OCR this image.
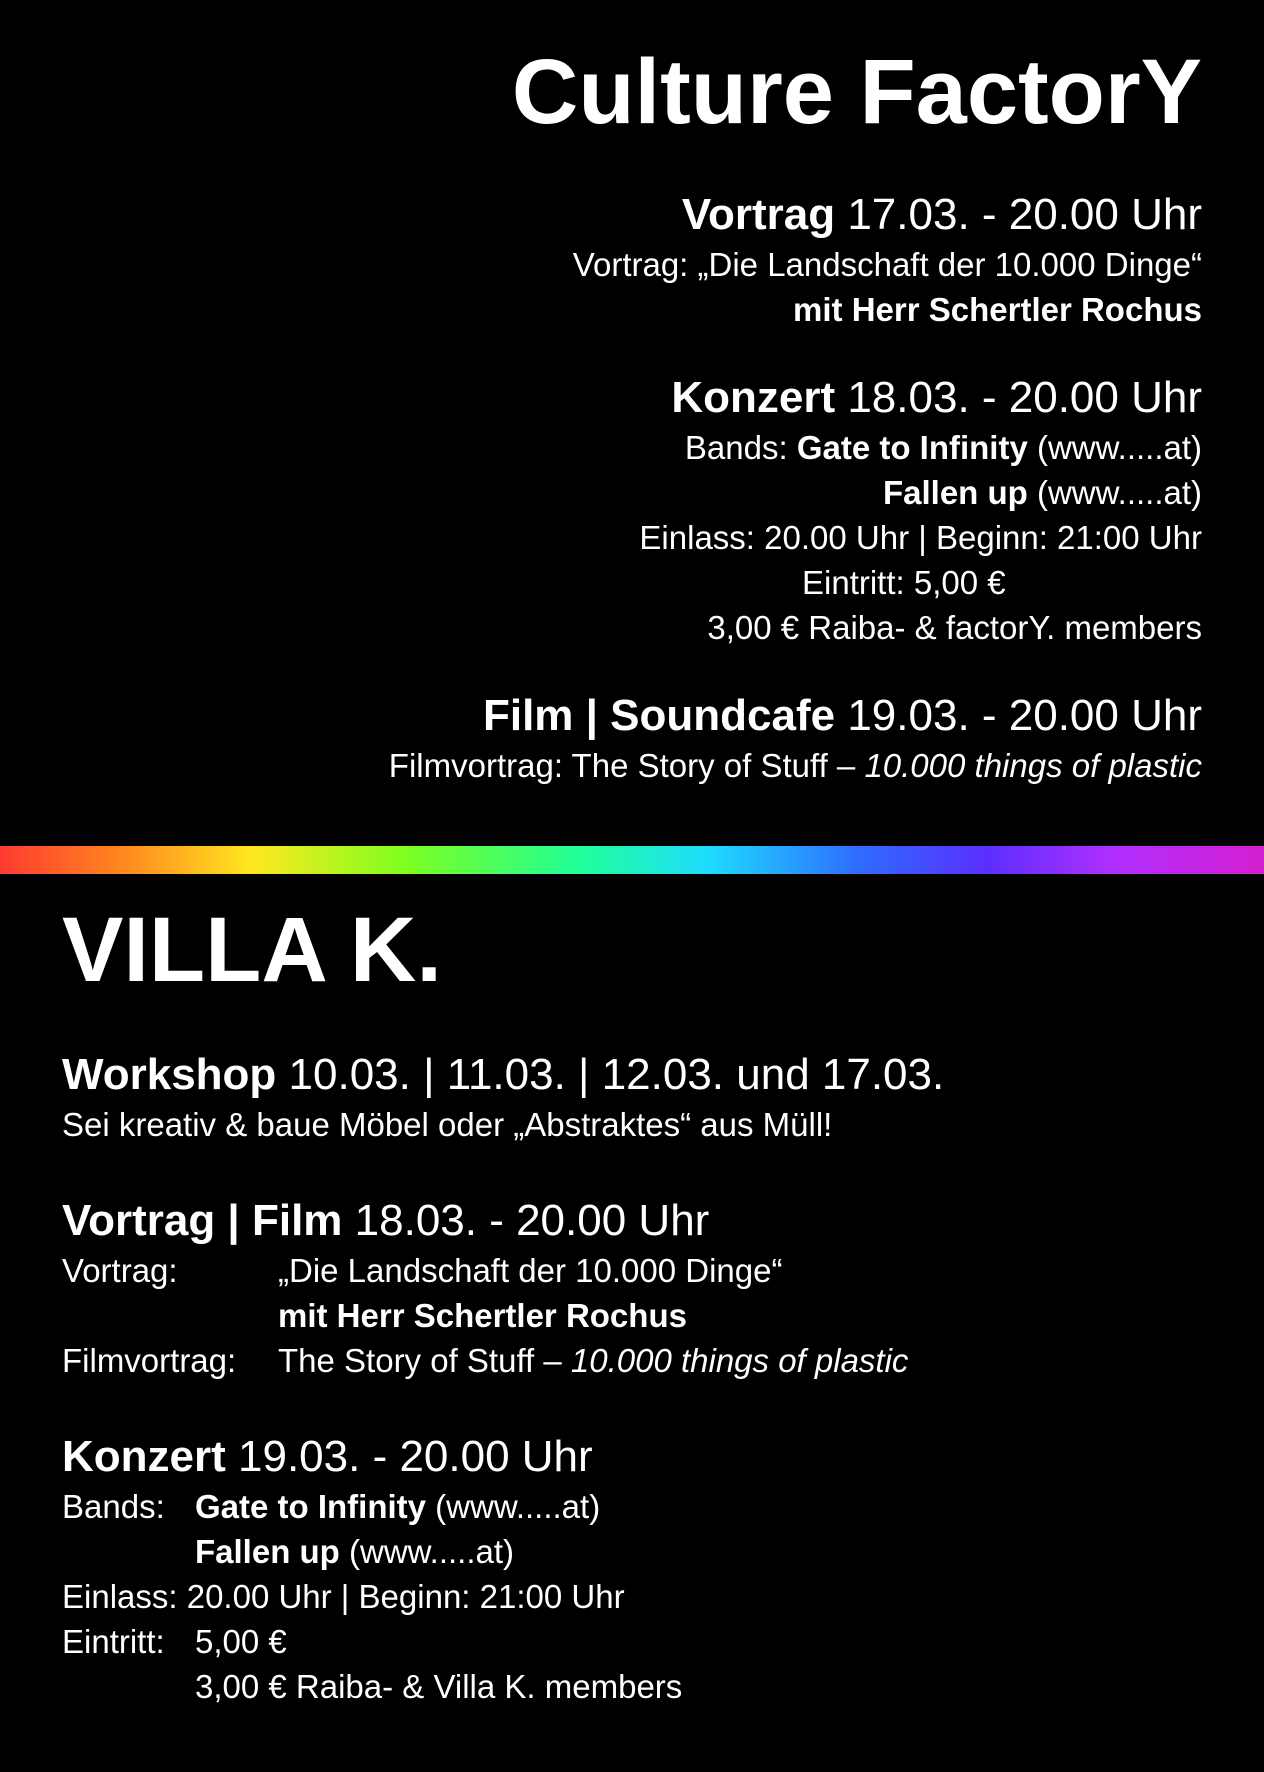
Culture FactorY
Vortrag 17.03. - 20.00 Uhr
Vortrag: „Die Landschaft der 10.000 Dinge“
mit Herr Schertler Rochus
Konzert 18.03. - 20.00 Uhr
Bands: Gate to Infinity (www.....at)
Fallen up (www.....at)
Einlass: 20.00 Uhr | Beginn: 21:00 Uhr
Eintritt: 5,00 €
3,00 € Raiba- & factorY. members
Film | Soundcafe 19.03. - 20.00 Uhr
Filmvortrag: The Story of Stuff – 10.000 things of plastic
VILLA K.
Workshop 10.03. | 11.03. | 12.03. und 17.03.
Sei kreativ & baue Möbel oder „Abstraktes“ aus Müll!
Vortrag | Film 18.03. - 20.00 Uhr
Vortrag:	„Die Landschaft der 10.000 Dinge“
mit Herr Schertler Rochus
Filmvortrag:	The Story of Stuff – 10.000 things of plastic
Konzert 19.03. - 20.00 Uhr
Bands: Gate to Infinity (www.....at)
Fallen up (www.....at)
Einlass: 20.00 Uhr | Beginn: 21:00 Uhr
Eintritt: 5,00 €
3,00 € Raiba- & Villa K. members
